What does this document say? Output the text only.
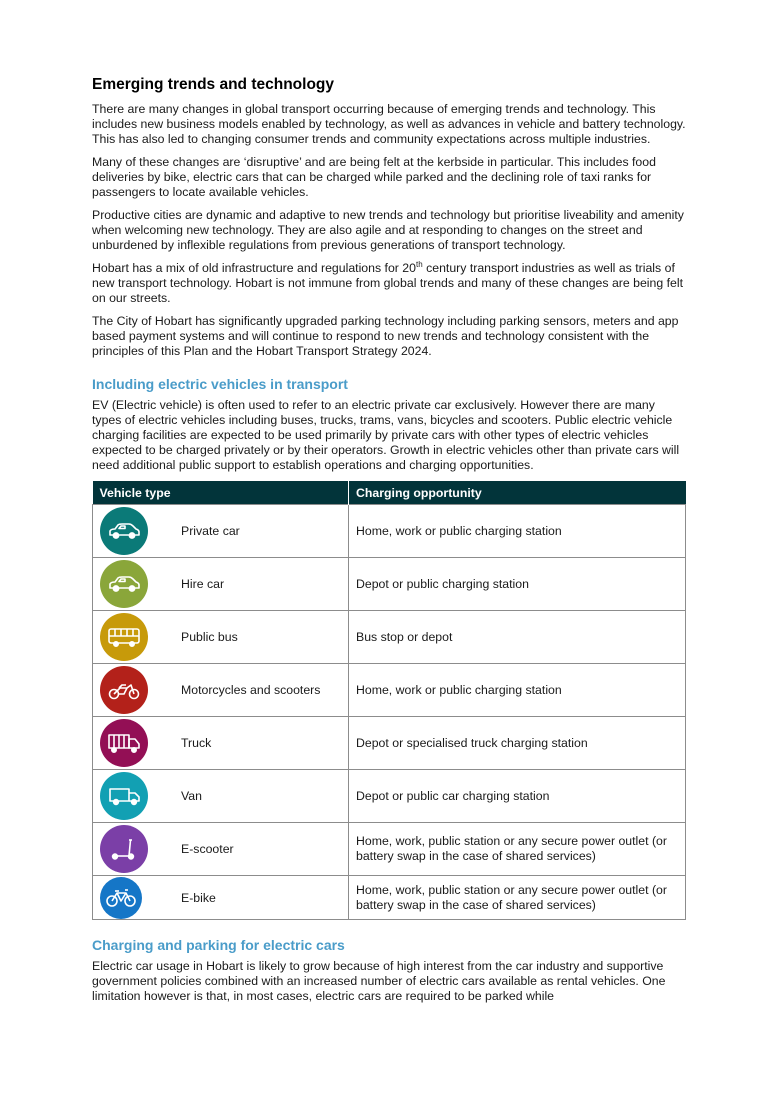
Emerging trends and technology

There are many changes in global transport occurring because of emerging trends and technology. This includes new business models enabled by technology, as well as advances in vehicle and battery technology. This has also led to changing consumer trends and community expectations across multiple industries.

Many of these changes are ‘disruptive’ and are being felt at the kerbside in particular. This includes food deliveries by bike, electric cars that can be charged while parked and the declining role of taxi ranks for passengers to locate available vehicles.

Productive cities are dynamic and adaptive to new trends and technology but prioritise liveability and amenity when welcoming new technology. They are also agile and at responding to changes on the street and unburdened by inflexible regulations from previous generations of transport technology.

Hobart has a mix of old infrastructure and regulations for 20th century transport industries as well as trials of new transport technology. Hobart is not immune from global trends and many of these changes are being felt on our streets.

The City of Hobart has significantly upgraded parking technology including parking sensors, meters and app based payment systems and will continue to respond to new trends and technology consistent with the principles of this Plan and the Hobart Transport Strategy 2024.

Including electric vehicles in transport

EV (Electric vehicle) is often used to refer to an electric private car exclusively. However there are many types of electric vehicles including buses, trucks, trams, vans, bicycles and scooters. Public electric vehicle charging facilities are expected to be used primarily by private cars with other types of electric vehicles expected to be charged privately or by their operators. Growth in electric vehicles other than private cars will need additional public support to establish operations and charging opportunities.

Vehicle type		Charging opportunity

	Private car	Home, work or public charging station

	Hire car	Depot or public charging station

	Public bus	Bus stop or depot

	Motorcycles and scooters	Home, work or public charging station

	Truck	Depot or specialised truck charging station

	Van	Depot or public car charging station

	E-scooter	Home, work, public station or any secure power outlet (or battery swap in the case of shared services)

	E-bike	Home, work, public station or any secure power outlet (or battery swap in the case of shared services)
Charging and parking for electric cars

Electric car usage in Hobart is likely to grow because of high interest from the car industry and supportive government policies combined with an increased number of electric cars available as rental vehicles. One limitation however is that, in most cases, electric cars are required to be parked while
